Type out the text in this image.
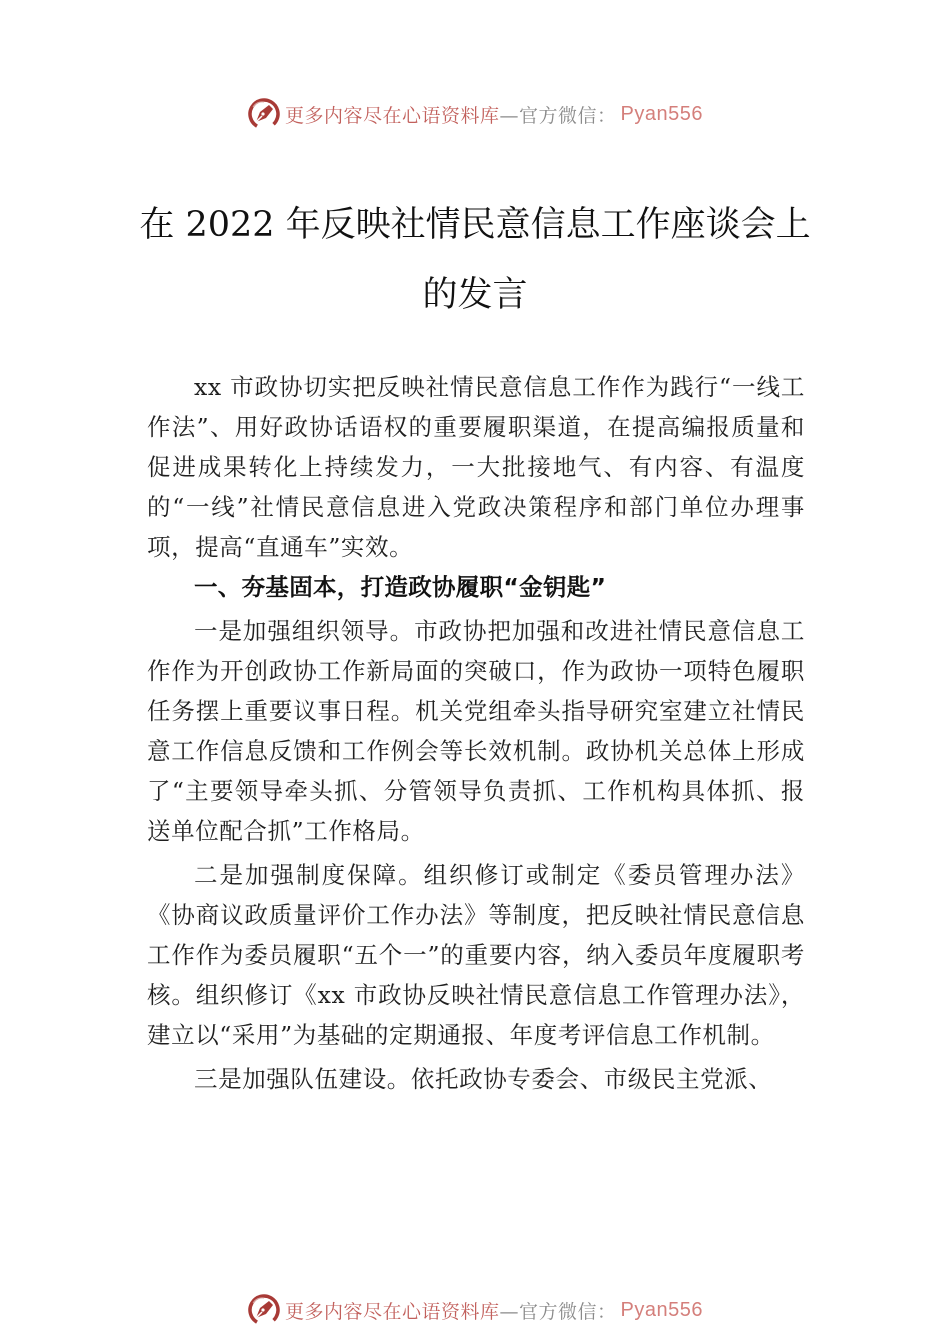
更多内容尽在心语资料库 —官方微信： Pyan556
在 2022 年反映社情民意信息工作座谈会上
的发言

xx 市政协切实把反映社情民意信息工作作为践行“一线工作法”、用好政协话语权的重要履职渠道，在提高编报质量和促进成果转化上持续发力，一大批接地气、有内容、有温度的“一线”社情民意信息进入党政决策程序和部门单位办理事项，提高“直通车”实效。

一、夯基固本，打造政协履职“金钥匙”

一是加强组织领导。市政协把加强和改进社情民意信息工作作为开创政协工作新局面的突破口，作为政协一项特色履职任务摆上重要议事日程。机关党组牵头指导研究室建立社情民意工作信息反馈和工作例会等长效机制。政协机关总体上形成了“主要领导牵头抓、分管领导负责抓、工作机构具体抓、报送单位配合抓”工作格局。

二是加强制度保障。组织修订或制定《委员管理办法》《协商议政质量评价工作办法》等制度，把反映社情民意信息工作作为委员履职“五个一”的重要内容，纳入委员年度履职考核。组织修订《xx 市政协反映社情民意信息工作管理办法》，建立以“采用”为基础的定期通报、年度考评信息工作机制。

三是加强队伍建设。依托政协专委会、市级民主党派、

更多内容尽在心语资料库 —官方微信： Pyan556
